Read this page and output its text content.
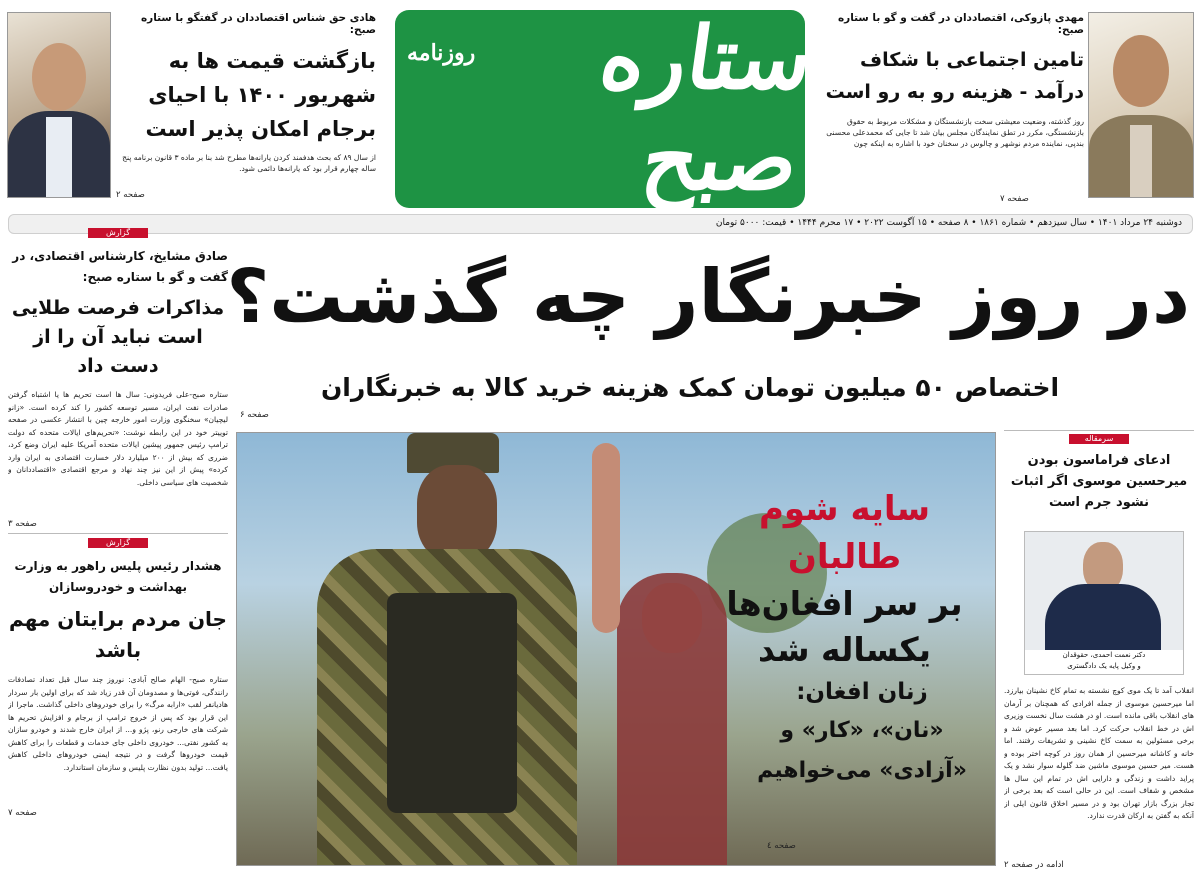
هادی حق شناس اقتصاددان در گفتگو با ستاره صبح:
بازگشت قیمت ها به شهریور ۱۴۰۰ با احیای برجام امکان پذیر است
از سال ۸۹ که بحث هدفمند کردن یارانه‌ها مطرح شد بنا بر ماده ۳ قانون برنامه پنج ساله چهارم قرار بود که یارانه‌ها دائمی شود.
صفحه ۲
ستاره صبح
روزنامه
مهدی پازوکی، اقتصاددان در گفت و گو با ستاره صبح:
تامین اجتماعی با شکاف درآمد - هزینه رو به رو است
روز گذشته، وضعیت معیشتی سخت بازنشستگان و مشکلات مربوط به حقوق بازنشستگی، مکرر در تطق نمایندگان مجلس بیان شد تا جایی که محمدعلی محسنی بندپی، نماینده مردم نوشهر و چالوس در سخنان خود با اشاره به اینکه چون
صفحه ۷
دوشنبه ۲۴ مرداد ۱۴۰۱ • سال سیزدهم • شماره ۱۸۶۱ • ۸ صفحه • ۱۵ آگوست ۲۰۲۲ • ۱۷ محرم ۱۴۴۴ • قیمت: ۵۰۰۰ تومان
گزارش
صادق مشایخ، کارشناس اقتصادی، در گفت و گو با ستاره صبح:
مذاکرات فرصت طلایی است نباید آن را از دست داد
ستاره صبح-علی فریدونی: سال ها است تحریم ها یا اشتباه گرفتن صادرات نفت ایران، مسیر توسعه کشور را کند کرده است. «زانو لیچیان» سخنگوی وزارت امور خارجه چین با انتشار عکسی در صفحه توییتر خود در این رابطه نوشت: «تحریم‌های ایالات متحده که دولت ترامپ رئیس جمهور پیشین ایالات متحده آمریکا علیه ایران وضع کرد، ضرری که بیش از ۲۰۰ میلیارد دلار خسارت اقتصادی به ایران وارد کرده» پیش از این نیز چند نهاد و مرجع اقتصادی «اقتصاددانان و شخصیت های سیاسی داخلی.
صفحه ۳
گزارش
هشدار رئیس پلیس راهور به وزارت بهداشت و خودروسازان
جان مردم برایتان مهم باشد
ستاره صبح- الهام صالح آبادی: نوروز چند سال قبل تعداد تصادفات رانندگی، فوتی‌ها و مصدومان آن قدر زیاد شد که برای اولین بار سردار هادیانفر لقب «ارابه مرگ» را برای خودروهای داخلی گذاشت. ماجرا از این قرار بود که پس از خروج ترامپ از برجام و افزایش تحریم ها شرکت های خارجی رنو، پژو و... از ایران خارج شدند و خودرو سازان به کشور نفتی... خودروی داخلی جای خدمات و قطعات را برای کاهش قیمت خودروها گرفت و در نتیجه ایمنی خودروهای داخلی کاهش یافت... تولید بدون نظارت پلیس و سازمان استاندارد.
صفحه ۷
در روز خبرنگار چه گذشت؟
اختصاص ۵۰ میلیون تومان کمک هزینه خرید کالا به خبرنگاران
صفحه ۶
سایه شوم طالبان
بر سر افغان‌ها یکساله شد
زنان افغان:
«نان»، «کار» و «آزادی» می‌خواهیم
صفحه ٤
سرمقاله
ادعای فراماسون بودن میرحسین موسوی اگر اثبات نشود جرم است
دکتر نعمت احمدی، حقوقدان
و وکیل پایه یک دادگستری
انقلاب آمد تا یک موی کوچ نشسته به تمام کاخ نشینان بیارزد. اما میرحسین موسوی از جمله افرادی که همچنان بر آرمان های انقلاب باقی مانده است. او در هشت سال نخست وزیری اش در خط انقلاب حرکت کرد. اما بعد مسیر عوض شد و برخی مسئولین به سمت کاخ نشینی و تشریفات رفتند. اما خانه و کاشانه میرحسین از همان روز در کوچه اختر بوده و هست. میر حسین موسوی ماشین ضد گلوله سوار نشد و یک پراید داشت و زندگی و دارایی اش در تمام این سال ها مشخص و شفاف است. این در حالی است که بعد برخی از تجار بزرگ بازار تهران بود و در مسیر اخلاق قانون ایلی از آنکه به گفتن به ارکان قدرت ندارد.
ادامه در صفحه ۲
